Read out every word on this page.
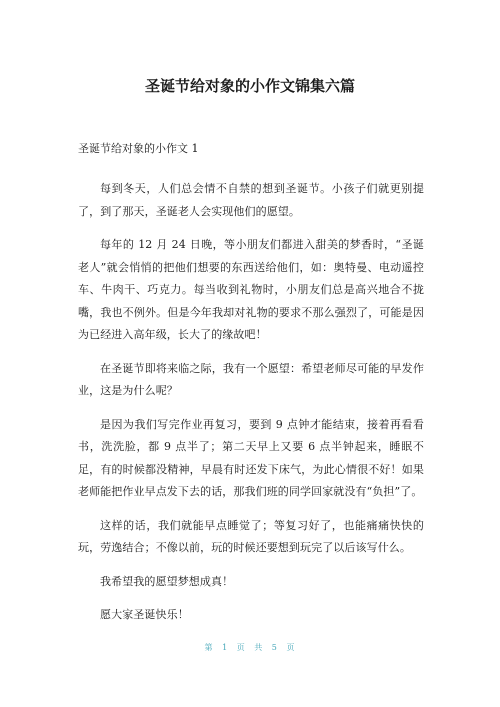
圣诞节给对象的小作文锦集六篇

圣诞节给对象的小作文 1

每到冬天，人们总会情不自禁的想到圣诞节。小孩子们就更别提了，到了那天，圣诞老人会实现他们的愿望。

每年的 12 月 24 日晚，等小朋友们都进入甜美的梦香时，“圣诞老人”就会悄悄的把他们想要的东西送给他们，如：奥特曼、电动遥控车、牛肉干、巧克力。每当收到礼物时，小朋友们总是高兴地合不拢嘴，我也不例外。但是今年我却对礼物的要求不那么强烈了，可能是因为已经进入高年级，长大了的缘故吧！

在圣诞节即将来临之际，我有一个愿望：希望老师尽可能的早发作业，这是为什么呢？

是因为我们写完作业再复习，要到 9 点钟才能结束，接着再看看书，洗洗脸，都 9 点半了；第二天早上又要 6 点半钟起来，睡眠不足，有的时候都没精神，早晨有时还发下床气，为此心情很不好！如果老师能把作业早点发下去的话，那我们班的同学回家就没有“负担”了。

这样的话，我们就能早点睡觉了；等复习好了，也能痛痛快快的玩，劳逸结合；不像以前，玩的时候还要想到玩完了以后该写什么。

我希望我的愿望梦想成真！

愿大家圣诞快乐！

第 1 页 共 5 页
